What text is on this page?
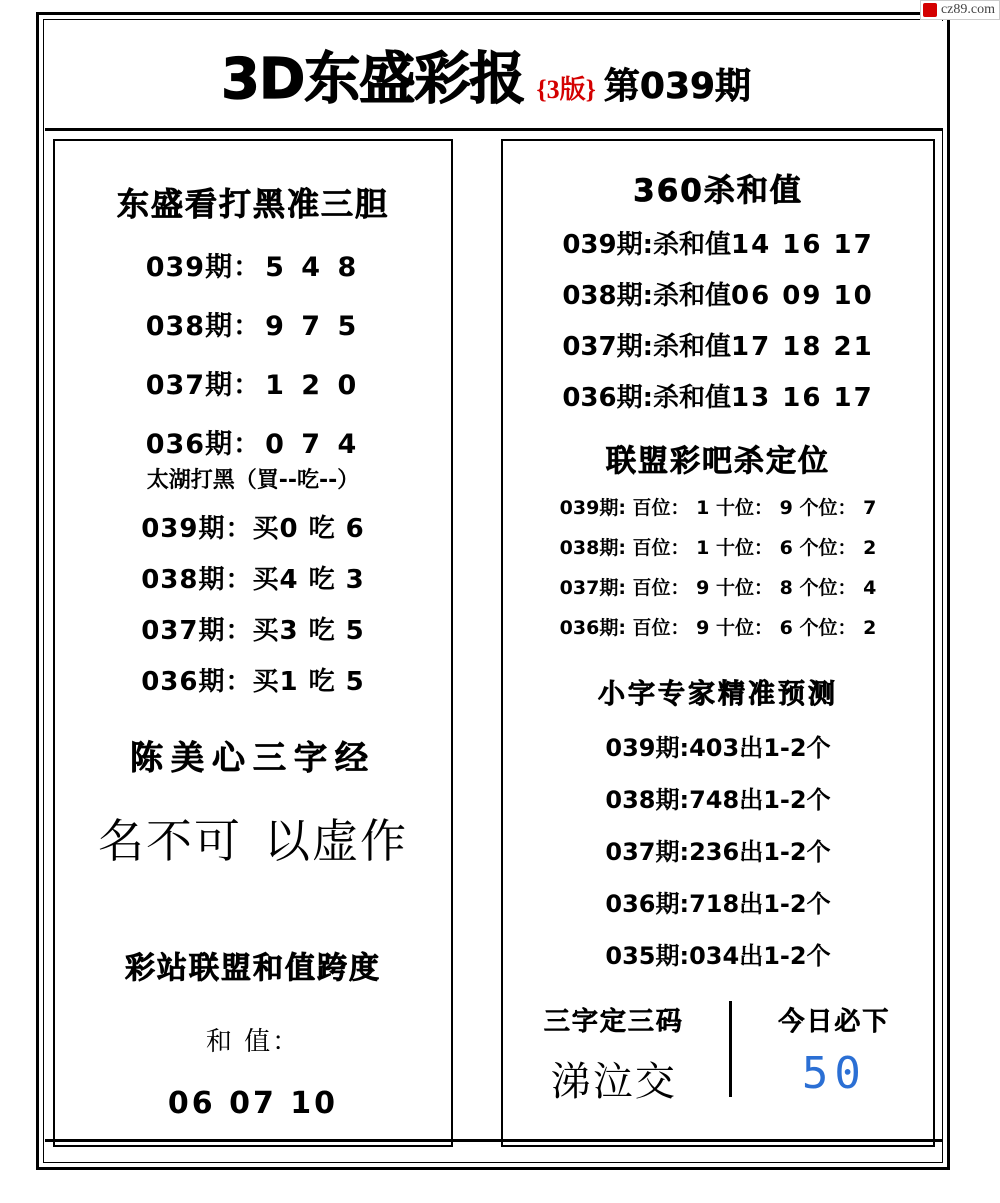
cz89.com
3D东盛彩报 {3版} 第039期
东盛看打黑准三胆
039期： 5 4 8
038期： 9 7 5
037期： 1 2 0
036期： 0 7 4
太湖打黑（買--吃--）
039期：买0 吃 6
038期：买4 吃 3
037期：买3 吃 5
036期：买1 吃 5
陈美心三字经
名不可 以虚作
彩站联盟和值跨度
和 值：
06 07 10
360杀和值
039期:杀和值14 16 17
038期:杀和值06 09 10
037期:杀和值17 18 21
036期:杀和值13 16 17
联盟彩吧杀定位
039期: 百位： 1 十位： 9 个位： 7
038期: 百位： 1 十位： 6 个位： 2
037期: 百位： 9 十位： 8 个位： 4
036期: 百位： 9 十位： 6 个位： 2
小字专家精准预测
039期:403出1-2个
038期:748出1-2个
037期:236出1-2个
036期:718出1-2个
035期:034出1-2个
三字定三码
涕泣交
今日必下
50
